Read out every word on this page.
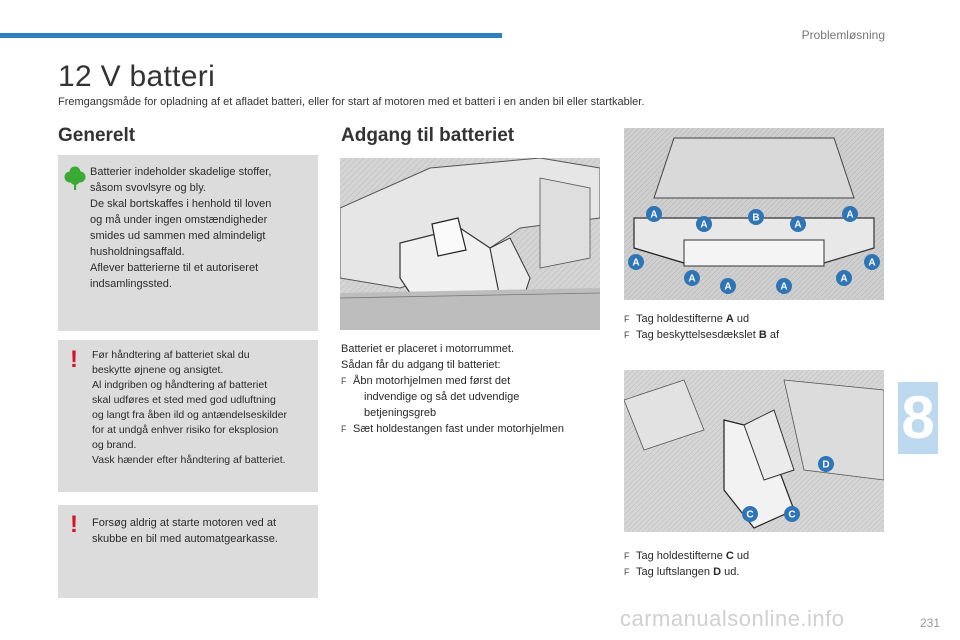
Problemløsning
12 V batteri
Fremgangsmåde for opladning af et afladet batteri, eller for start af motoren med et batteri i en anden bil eller startkabler.
Generelt
Batterier indeholder skadelige stoffer,
såsom svovlsyre og bly.
De skal bortskaffes i henhold til loven
og må under ingen omstændigheder
smides ud sammen med almindeligt
husholdningsaffald.
Aflever batterierne til et autoriseret
indsamlingssted.
! Før håndtering af batteriet skal du
beskytte øjnene og ansigtet.
Al indgriben og håndtering af batteriet
skal udføres et sted med god udluftning
og langt fra åben ild og antændelseskilder
for at undgå enhver risiko for eksplosion
og brand.
Vask hænder efter håndtering af batteriet.
! Forsøg aldrig at starte motoren ved at
skubbe en bil med automatgearkasse.
Adgang til batteriet
Batteriet er placeret i motorrummet.
Sådan får du adgang til batteriet:
F Åbn motorhjelmen med først det
indvendige og så det udvendige
betjeningsgreb
F Sæt holdestangen fast under motorhjelmen
A
A
B
A
A
A
A
A	A
A
A
F Tag holdestifterne A ud
F Tag beskyttelsesdækslet B af
D
C	C
F Tag holdestifterne C ud
F Tag luftslangen D ud.
8
carmanualsonline.info	231
